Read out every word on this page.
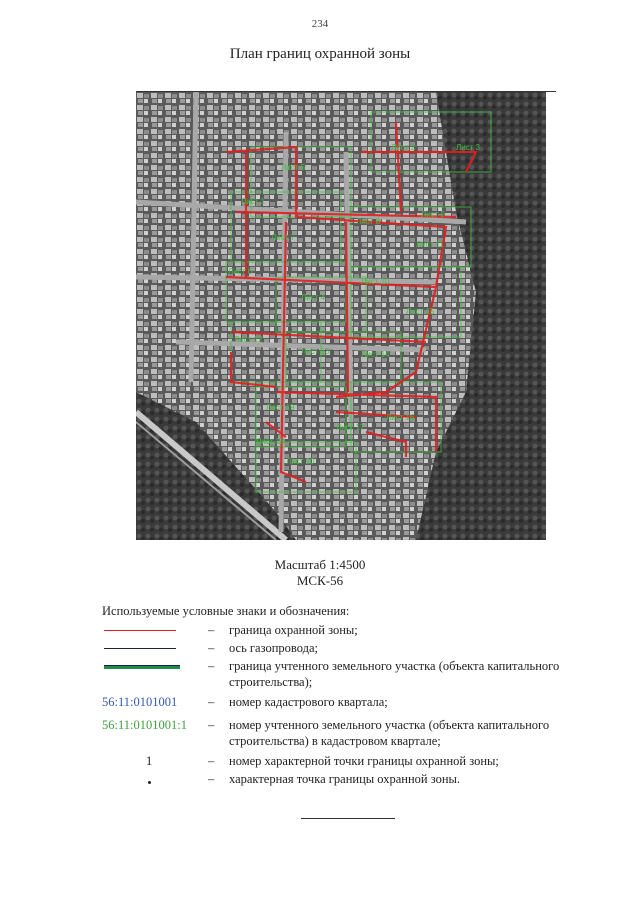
234
План границ охранной зоны
Лист 2	Лист 3
Лист 5
Лист 1
Лист 8
Лист 9
Лист 7
Лист 11
Лист 6
Лист 10
Лист 4
Лист 15
Лист 12
Лист 13	Лист 14
Лист 16
Лист 17
Лист 19
Лист 20
Лист 18
Масштаб 1:4500
МСК-56
Используемые условные знаки и обозначения:
– граница охранной зоны;
– ось газопровода;
– граница учтенного земельного участка (объекта капитального строительства);
56:11:0101001	– номер кадастрового квартала;
56:11:0101001:1	– номер учтенного земельного участка (объекта капитального строительства) в кадастровом квартале;
1	– номер характерной точки границы охранной зоны;
– характерная точка границы охранной зоны.
